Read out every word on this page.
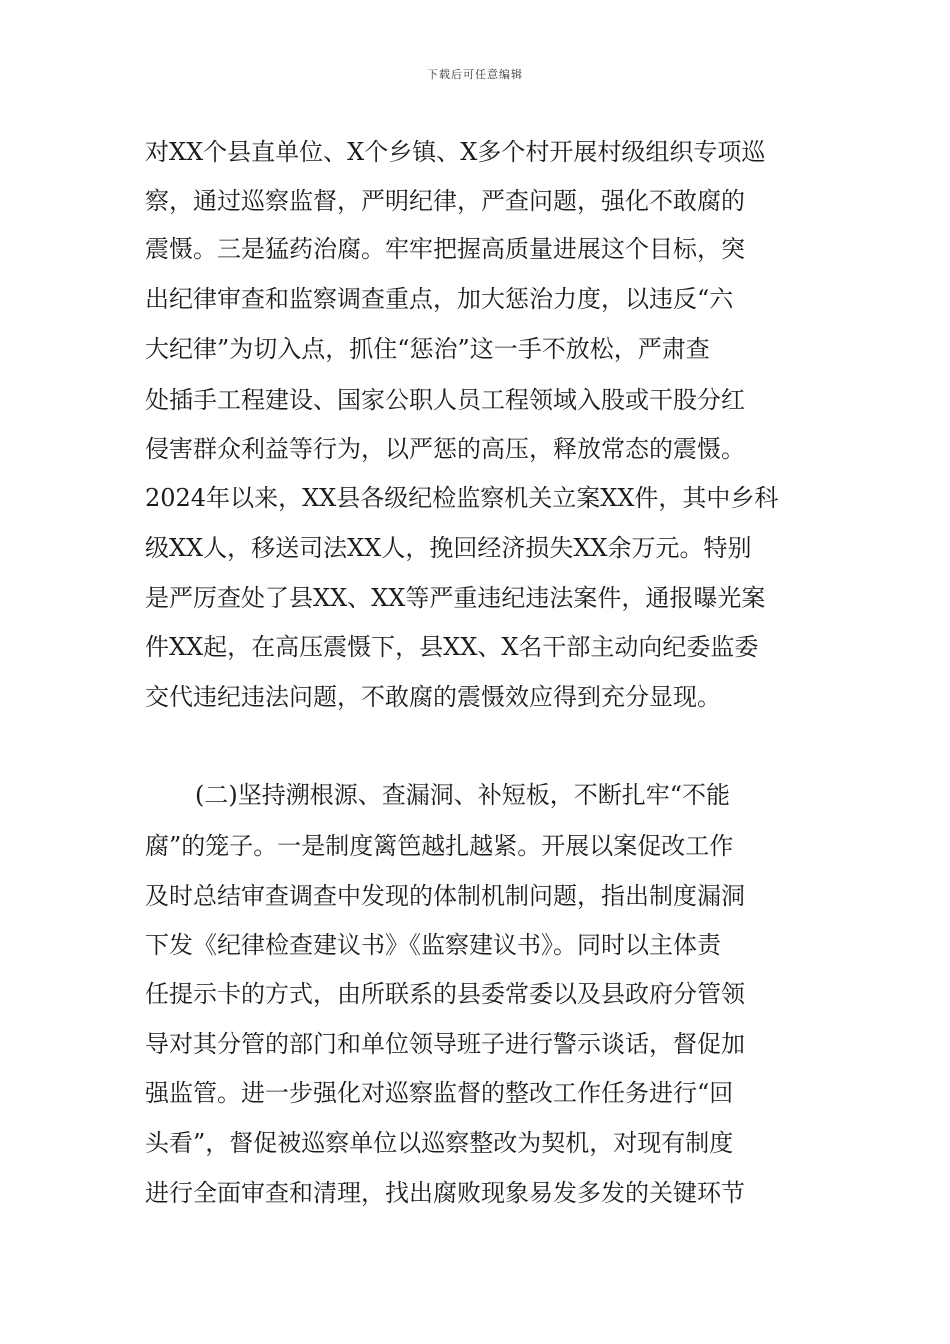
下载后可任意编辑
对XX个县直单位、X个乡镇、X多个村开展村级组织专项巡
察，通过巡察监督，严明纪律，严查问题，强化不敢腐的
震慑。三是猛药治腐。牢牢把握高质量进展这个目标，突
出纪律审查和监察调查重点，加大惩治力度，以违反“六
大纪律”为切入点，抓住“惩治”这一手不放松，严肃查
处插手工程建设、国家公职人员工程领域入股或干股分红
侵害群众利益等行为，以严惩的高压，释放常态的震慑。
2024年以来，XX县各级纪检监察机关立案XX件，其中乡科
级XX人，移送司法XX人，挽回经济损失XX余万元。特别
是严厉查处了县XX、XX等严重违纪违法案件，通报曝光案
件XX起，在高压震慑下，县XX、X名干部主动向纪委监委
交代违纪违法问题，不敢腐的震慑效应得到充分显现。
(二)坚持溯根源、查漏洞、补短板，不断扎牢“不能
腐”的笼子。一是制度篱笆越扎越紧。开展以案促改工作
及时总结审查调查中发现的体制机制问题，指出制度漏洞
下发《纪律检查建议书》《监察建议书》。同时以主体责
任提示卡的方式，由所联系的县委常委以及县政府分管领
导对其分管的部门和单位领导班子进行警示谈话，督促加
强监管。进一步强化对巡察监督的整改工作任务进行“回
头看”，督促被巡察单位以巡察整改为契机，对现有制度
进行全面审查和清理，找出腐败现象易发多发的关键环节
